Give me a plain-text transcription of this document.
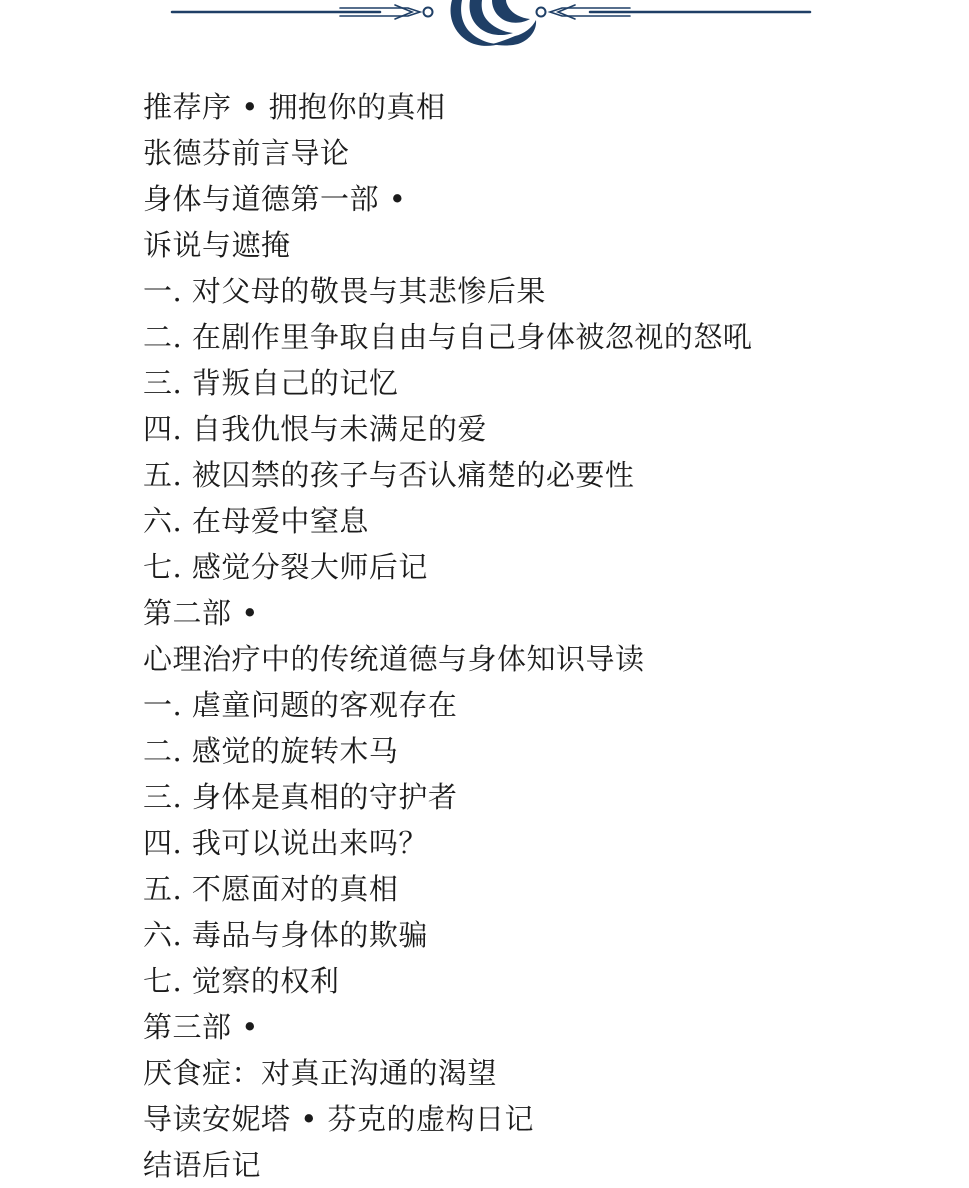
推荐序 • 拥抱你的真相
张德芬前言导论
身体与道德第一部 •
诉说与遮掩
一. 对父母的敬畏与其悲惨后果
二. 在剧作里争取自由与自己身体被忽视的怒吼
三. 背叛自己的记忆
四. 自我仇恨与未满足的爱
五. 被囚禁的孩子与否认痛楚的必要性
六. 在母爱中窒息
七. 感觉分裂大师后记
第二部 •
心理治疗中的传统道德与身体知识导读
一. 虐童问题的客观存在
二. 感觉的旋转木马
三. 身体是真相的守护者
四. 我可以说出来吗？
五. 不愿面对的真相
六. 毒品与身体的欺骗
七. 觉察的权利
第三部 •
厌食症：对真正沟通的渴望
导读安妮塔 • 芬克的虚构日记
结语后记
